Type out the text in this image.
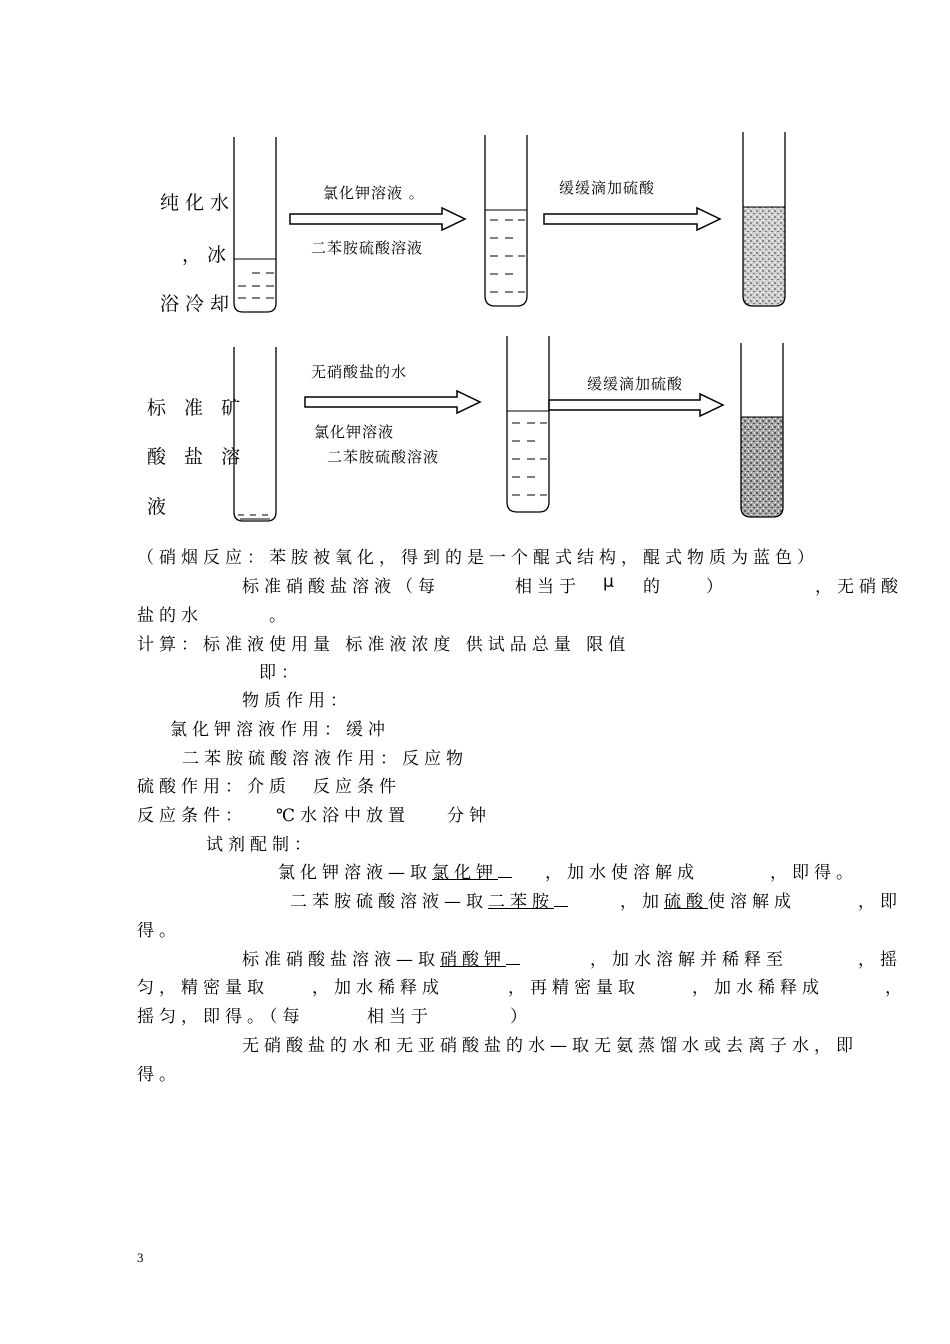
纯化水
，冰
浴冷却
氯化钾溶液 。
二苯胺硫酸溶液
缓缓滴加硫酸
标 准 矿
酸 盐 溶
液
无硝酸盐的水
氯化钾溶液
二苯胺硫酸溶液
缓缓滴加硫酸
（硝烟反应：苯胺被氧化，得到的是一个醌式结构，醌式物质为蓝色）
标准硝酸盐溶液（每	相当于 μ 的 ）	，无硝酸
盐的水　　　。
计算：标准液使用量 标准液浓度 供试品总量 限值
即：
物质作用：
氯化钾溶液作用：缓冲
二苯胺硫酸溶液作用：反应物
硫酸作用：介质　反应条件
反应条件： ℃水浴中放置 分钟
试剂配制：
氯化钾溶液—取氯化钾	，加水使溶解成	，即得。
二苯胺硫酸溶液—取二苯胺	，加硫酸使溶解成	，即
得。
标准硝酸盐溶液—取硝酸钾	，加水溶解并稀释至	，摇
匀，精密量取	，加水稀释成	，再精密量取	，加水稀释成	，
摇匀，即得。（每	相当于	）
无硝酸盐的水和无亚硝酸盐的水—取无氨蒸馏水或去离子水，即
得。
3
